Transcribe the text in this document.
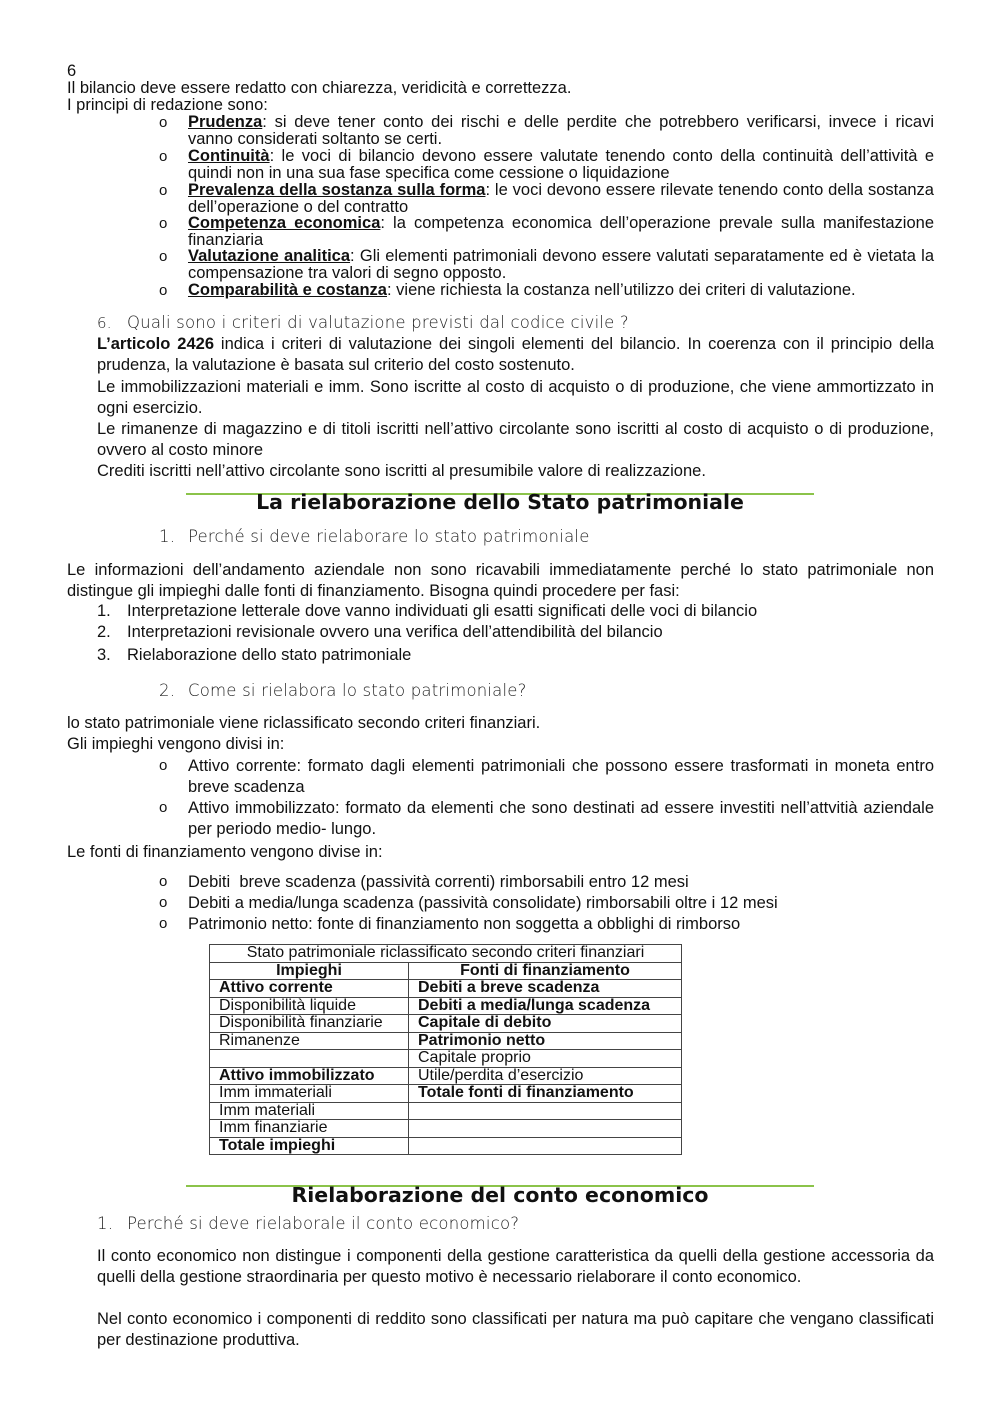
6
Il bilancio deve essere redatto con chiarezza, veridicità e correttezza.
I principi di redazione sono:
o Prudenza: si deve tener conto dei rischi e delle perdite che potrebbero verificarsi, invece i ricavi vanno considerati soltanto se certi.
o Continuità: le voci di bilancio devono essere valutate tenendo conto della continuità dell’attività e quindi non in una sua fase specifica come cessione o liquidazione
o Prevalenza della sostanza sulla forma: le voci devono essere rilevate tenendo conto della sostanza dell’operazione o del contratto
o Competenza economica: la competenza economica dell’operazione prevale sulla manifestazione finanziaria
o Valutazione analitica: Gli elementi patrimoniali devono essere valutati separatamente ed è vietata la compensazione tra valori di segno opposto.
o Comparabilità e costanza: viene richiesta la costanza nell’utilizzo dei criteri di valutazione.
6. Quali sono i criteri di valutazione previsti dal codice civile ?
L’articolo 2426 indica i criteri di valutazione dei singoli elementi del bilancio. In coerenza con il principio della prudenza, la valutazione è basata sul criterio del costo sostenuto.
Le immobilizzazioni materiali e imm. Sono iscritte al costo di acquisto o di produzione, che viene ammortizzato in ogni esercizio.
Le rimanenze di magazzino e di titoli iscritti nell’attivo circolante sono iscritti al costo di acquisto o di produzione, ovvero al costo minore
Crediti iscritti nell’attivo circolante sono iscritti al presumibile valore di realizzazione.
La rielaborazione dello Stato patrimoniale
1. Perché si deve rielaborare lo stato patrimoniale
Le informazioni dell’andamento aziendale non sono ricavabili immediatamente perché lo stato patrimoniale non distingue gli impieghi dalle fonti di finanziamento. Bisogna quindi procedere per fasi:
1. Interpretazione letterale dove vanno individuati gli esatti significati delle voci di bilancio
2. Interpretazioni revisionale ovvero una verifica dell’attendibilità del bilancio
3. Rielaborazione dello stato patrimoniale
2. Come si rielabora lo stato patrimoniale?
lo stato patrimoniale viene riclassificato secondo criteri finanziari.
Gli impieghi vengono divisi in:
o Attivo corrente: formato dagli elementi patrimoniali che possono essere trasformati in moneta entro breve scadenza
o Attivo immobilizzato: formato da elementi che sono destinati ad essere investiti nell’attvitià aziendale per periodo medio- lungo.
Le fonti di finanziamento vengono divise in:
o Debiti  breve scadenza (passività correnti) rimborsabili entro 12 mesi
o Debiti a media/lunga scadenza (passività consolidate) rimborsabili oltre i 12 mesi
o Patrimonio netto: fonte di finanziamento non soggetta a obblighi di rimborso
Stato patrimoniale riclassificato secondo criteri finanziari	
Impieghi	Fonti di finanziamento
Attivo corrente	Debiti a breve scadenza
Disponibilità liquide	Debiti a media/lunga scadenza
Disponibilità finanziarie	Capitale di debito
Rimanenze	Patrimonio netto
	Capitale proprio
Attivo immobilizzato	Utile/perdita d’esercizio
Imm immateriali	Totale fonti di finanziamento
Imm materiali	
Imm finanziarie	
Totale impieghi	
Rielaborazione del conto economico
1. Perché si deve rielaborale il conto economico?
Il conto economico non distingue i componenti della gestione caratteristica da quelli della gestione accessoria da quelli della gestione straordinaria per questo motivo è necessario rielaborare il conto economico.
Nel conto economico i componenti di reddito sono classificati per natura ma può capitare che vengano classificati per destinazione produttiva.
